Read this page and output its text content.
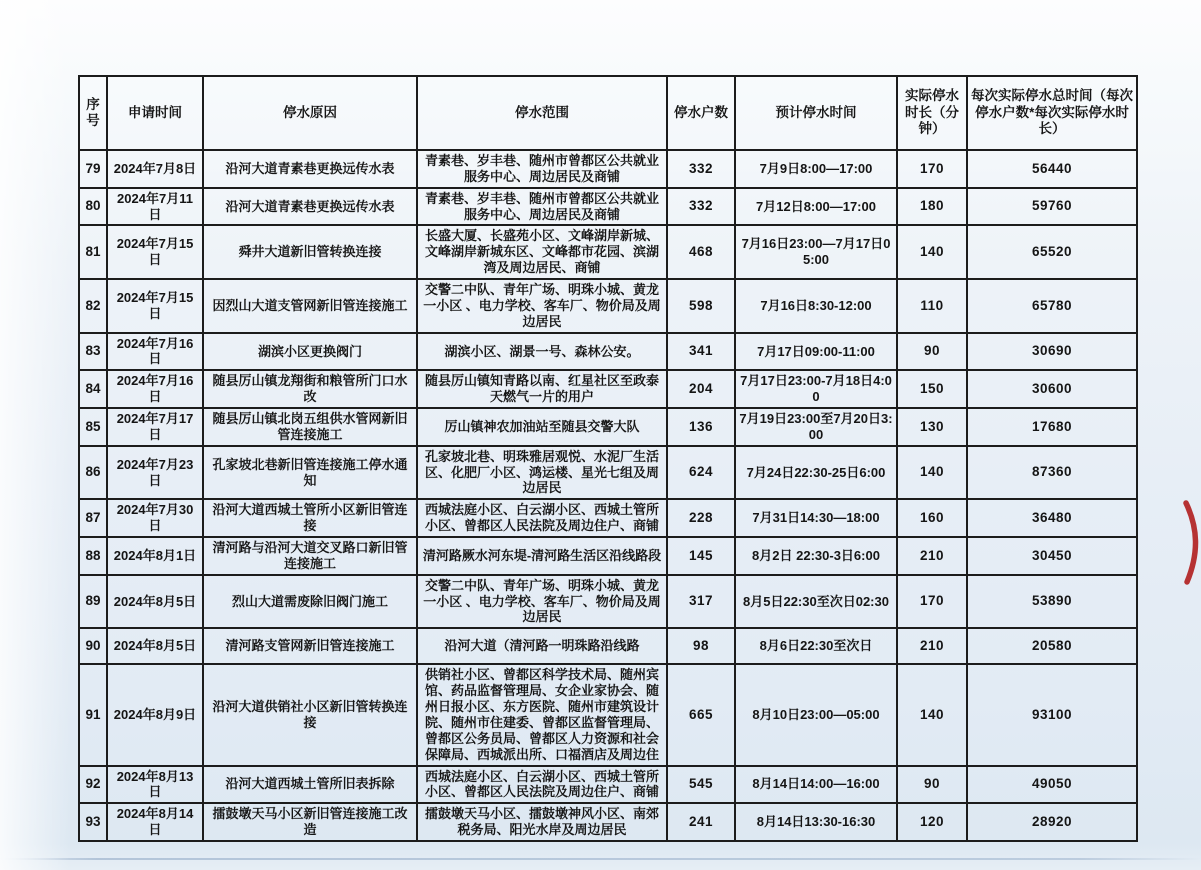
序号	申请时间	停水原因	停水范围	停水户数	预计停水时间	实际停水时长（分钟）	每次实际停水总时间（每次停水户数*每次实际停水时长）
79	2024年7月8日	沿河大道青素巷更换远传水表	青素巷、岁丰巷、随州市曾都区公共就业服务中心、周边居民及商铺	332	7月9日8:00—17:00	170	56440
80	2024年7月11日	沿河大道青素巷更换远传水表	青素巷、岁丰巷、随州市曾都区公共就业服务中心、周边居民及商铺	332	7月12日8:00—17:00	180	59760
81	2024年7月15日	舜井大道新旧管转换连接	长盛大厦、长盛苑小区、文峰湖岸新城、文峰湖岸新城东区、文峰都市花园、滨湖湾及周边居民、商铺	468	7月16日23:00—7月17日05:00	140	65520
82	2024年7月15日	因烈山大道支管网新旧管连接施工	交警二中队、青年广场、明珠小城、黄龙一小区 、电力学校、客车厂、物价局及周边居民	598	7月16日8:30-12:00	110	65780
83	2024年7月16日	湖滨小区更换阀门	湖滨小区、湖景一号、森林公安。	341	7月17日09:00-11:00	90	30690
84	2024年7月16日	随县厉山镇龙翔街和粮管所门口水改	随县厉山镇知青路以南、红星社区至政泰天燃气一片的用户	204	7月17日23:00-7月18日4:00	150	30600
85	2024年7月17日	随县厉山镇北岗五组供水管网新旧管连接施工	厉山镇神农加油站至随县交警大队	136	7月19日23:00至7月20日3:00	130	17680
86	2024年7月23日	孔家坡北巷新旧管连接施工停水通知	孔家坡北巷、明珠雅居观悦、水泥厂生活区、化肥厂小区、鸿运楼、星光七组及周边居民	624	7月24日22:30-25日6:00	140	87360
87	2024年7月30日	沿河大道西城土管所小区新旧管连接	西城法庭小区、白云湖小区、西城土管所小区、曾都区人民法院及周边住户、商铺	228	7月31日14:30—18:00	160	36480
88	2024年8月1日	清河路与沿河大道交叉路口新旧管连接施工	清河路厥水河东堤-清河路生活区沿线路段	145	8月2日 22:30-3日6:00	210	30450
89	2024年8月5日	烈山大道需废除旧阀门施工	交警二中队、青年广场、明珠小城、黄龙一小区 、电力学校、客车厂、物价局及周边居民	317	8月5日22:30至次日02:30	170	53890
90	2024年8月5日	清河路支管网新旧管连接施工	沿河大道（清河路一明珠路沿线路	98	8月6日22:30至次日	210	20580
91	2024年8月9日	沿河大道供销社小区新旧管转换连接	供销社小区、曾都区科学技术局、随州宾馆、药品监督管理局、女企业家协会、随州日报小区、东方医院、随州市建筑设计院、随州市住建委、曾都区监督管理局、曾都区公务员局、曾都区人力资源和社会保障局、西城派出所、口福酒店及周边住	665	8月10日23:00—05:00	140	93100
92	2024年8月13日	沿河大道西城土管所旧表拆除	西城法庭小区、白云湖小区、西城土管所小区、曾都区人民法院及周边住户、商铺	545	8月14日14:00—16:00	90	49050
93	2024年8月14日	擂鼓墩天马小区新旧管连接施工改造	擂鼓墩天马小区、擂鼓墩神风小区、南郊税务局、阳光水岸及周边居民	241	8月14日13:30-16:30	120	28920
